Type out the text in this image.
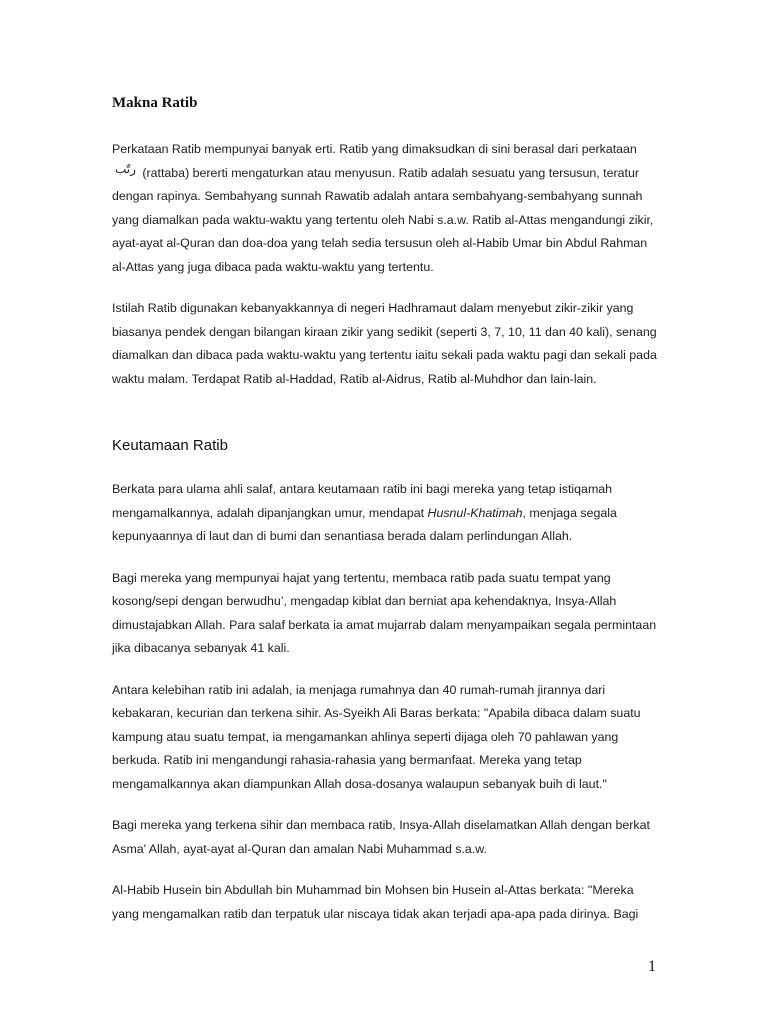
Makna Ratib

Perkataan Ratib mempunyai banyak erti. Ratib yang dimaksudkan di sini berasal dari perkataan رتّب (rattaba) bererti mengaturkan atau menyusun. Ratib adalah sesuatu yang tersusun, teratur dengan rapinya. Sembahyang sunnah Rawatib adalah antara sembahyang-sembahyang sunnah yang diamalkan pada waktu-waktu yang tertentu oleh Nabi s.a.w. Ratib al-Attas mengandungi zikir, ayat-ayat al-Quran dan doa-doa yang telah sedia tersusun oleh al-Habib Umar bin Abdul Rahman al-Attas yang juga dibaca pada waktu-waktu yang tertentu.

Istilah Ratib digunakan kebanyakkannya di negeri Hadhramaut dalam menyebut zikir-zikir yang biasanya pendek dengan bilangan kiraan zikir yang sedikit (seperti 3, 7, 10, 11 dan 40 kali), senang diamalkan dan dibaca pada waktu-waktu yang tertentu iaitu sekali pada waktu pagi dan sekali pada waktu malam. Terdapat Ratib al-Haddad, Ratib al-Aidrus, Ratib al-Muhdhor dan lain-lain.

Keutamaan Ratib

Berkata para ulama ahli salaf, antara keutamaan ratib ini bagi mereka yang tetap istiqamah mengamalkannya, adalah dipanjangkan umur, mendapat Husnul-Khatimah, menjaga segala kepunyaannya di laut dan di bumi dan senantiasa berada dalam perlindungan Allah.

Bagi mereka yang mempunyai hajat yang tertentu, membaca ratib pada suatu tempat yang kosong/sepi dengan berwudhu’, mengadap kiblat dan berniat apa kehendaknya, Insya-Allah dimustajabkan Allah. Para salaf berkata ia amat mujarrab dalam menyampaikan segala permintaan jika dibacanya sebanyak 41 kali.

Antara kelebihan ratib ini adalah, ia menjaga rumahnya dan 40 rumah-rumah jirannya dari kebakaran, kecurian dan terkena sihir. As-Syeikh Ali Baras berkata: "Apabila dibaca dalam suatu kampung atau suatu tempat, ia mengamankan ahlinya seperti dijaga oleh 70 pahlawan yang berkuda. Ratib ini mengandungi rahasia-rahasia yang bermanfaat. Mereka yang tetap mengamalkannya akan diampunkan Allah dosa-dosanya walaupun sebanyak buih di laut."

Bagi mereka yang terkena sihir dan membaca ratib, Insya-Allah diselamatkan Allah dengan berkat Asma' Allah, ayat-ayat al-Quran dan amalan Nabi Muhammad s.a.w.

Al-Habib Husein bin Abdullah bin Muhammad bin Mohsen bin Husein al-Attas berkata: "Mereka yang mengamalkan ratib dan terpatuk ular niscaya tidak akan terjadi apa-apa pada dirinya. Bagi

1
